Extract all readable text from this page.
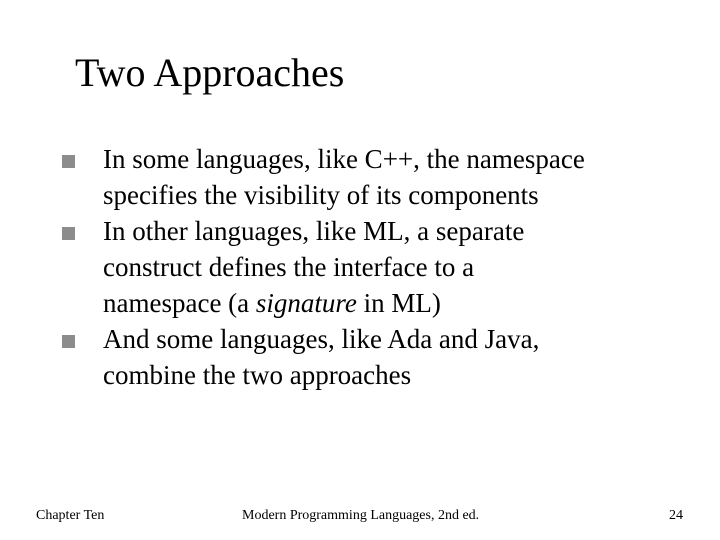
Two Approaches
In some languages, like C++, the namespace
specifies the visibility of its components
In other languages, like ML, a separate
construct defines the interface to a
namespace (a signature in ML)
And some languages, like Ada and Java,
combine the two approaches
Chapter Ten	Modern Programming Languages, 2nd ed.	24
